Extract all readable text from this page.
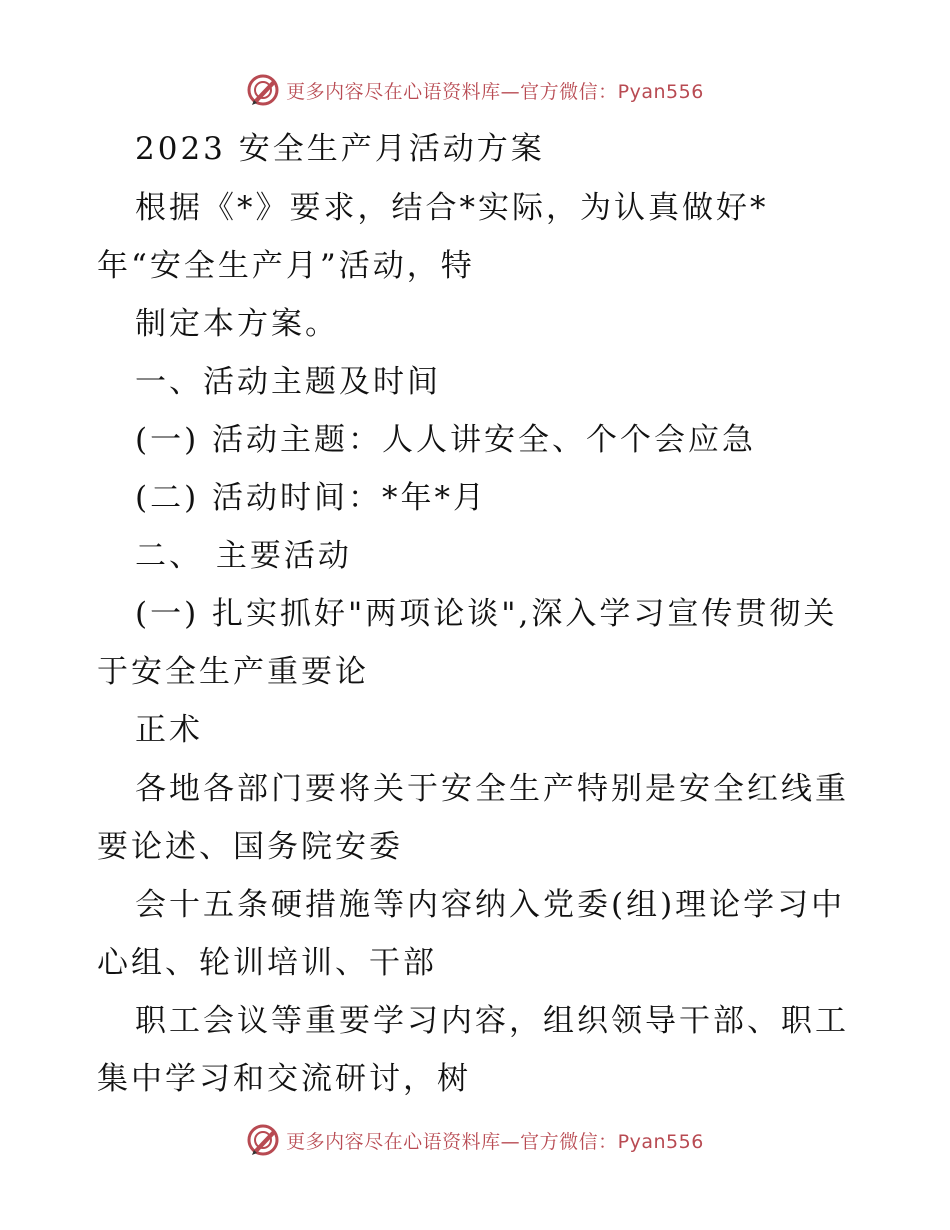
更多内容尽在心语资料库—官方微信：Pyan556
2023 安全生产月活动方案
根据《*》要求，结合*实际，为认真做好*
年“安全生产月”活动，特
制定本方案。
一、活动主题及时间
(一) 活动主题：人人讲安全、个个会应急
(二) 活动时间：*年*月
二、 主要活动
(一) 扎实抓好"两项论谈",深入学习宣传贯彻关
于安全生产重要论
正术
各地各部门要将关于安全生产特别是安全红线重
要论述、国务院安委
会十五条硬措施等内容纳入党委(组)理论学习中
心组、轮训培训、干部
职工会议等重要学习内容，组织领导干部、职工
集中学习和交流研讨，树
更多内容尽在心语资料库—官方微信：Pyan556
